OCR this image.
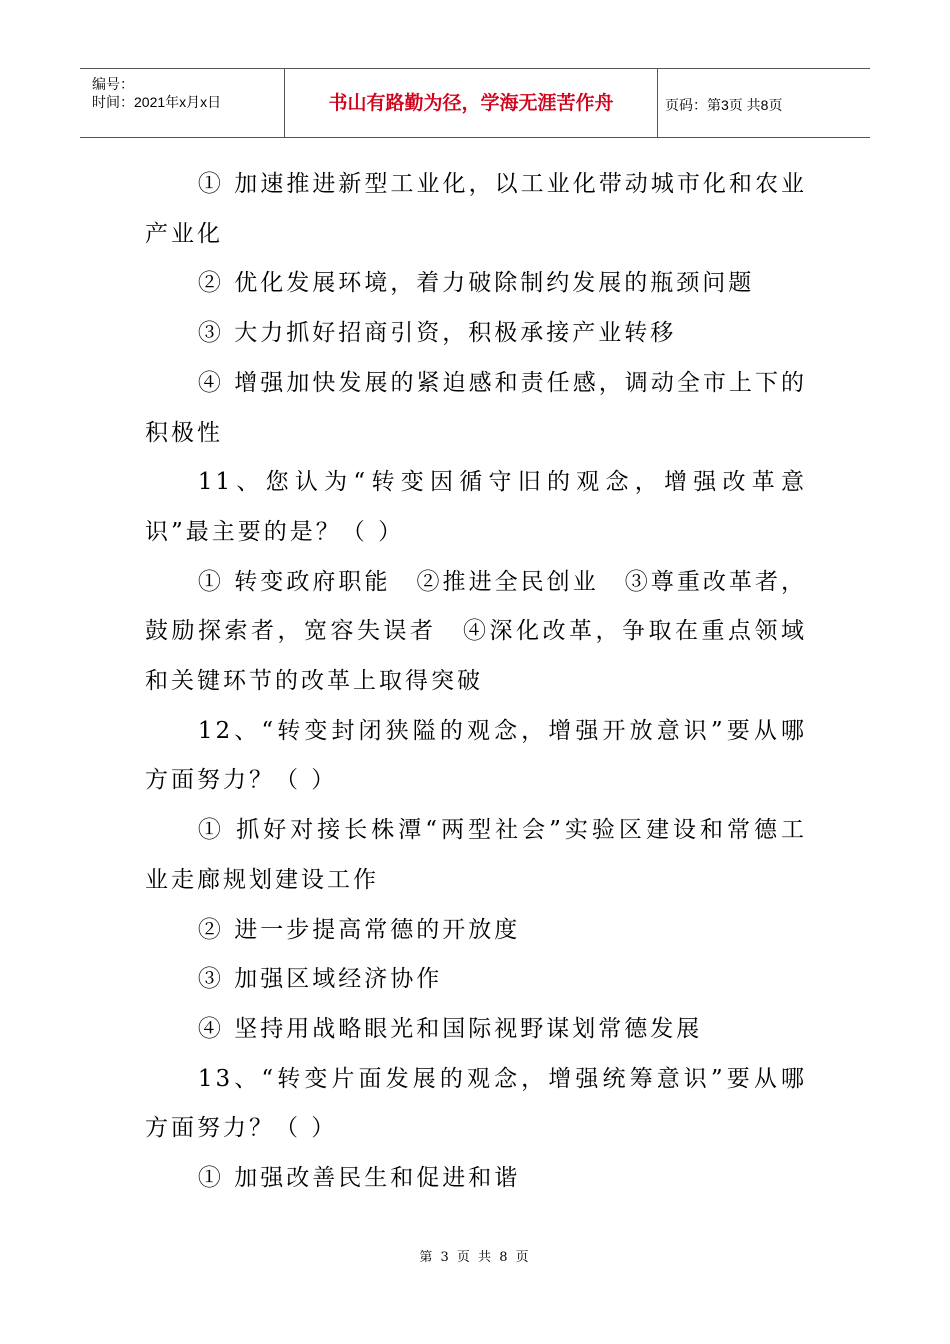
编号：
时间：2021年x月x日	书山有路勤为径，学海无涯苦作舟	页码：第3页 共8页

① 加速推进新型工业化，以工业化带动城市化和农业产业化

② 优化发展环境，着力破除制约发展的瓶颈问题

③ 大力抓好招商引资，积极承接产业转移

④ 增强加快发展的紧迫感和责任感，调动全市上下的积极性

11、您认为“转变因循守旧的观念，增强改革意识”最主要的是？（ ）

① 转变政府职能　②推进全民创业　③尊重改革者，鼓励探索者，宽容失误者　④深化改革，争取在重点领域和关键环节的改革上取得突破

12、“转变封闭狭隘的观念，增强开放意识”要从哪方面努力？（ ）

① 抓好对接长株潭“两型社会”实验区建设和常德工业走廊规划建设工作

② 进一步提高常德的开放度

③ 加强区域经济协作

④ 坚持用战略眼光和国际视野谋划常德发展

13、“转变片面发展的观念，增强统筹意识”要从哪方面努力？（ ）

① 加强改善民生和促进和谐

第 3 页 共 8 页
